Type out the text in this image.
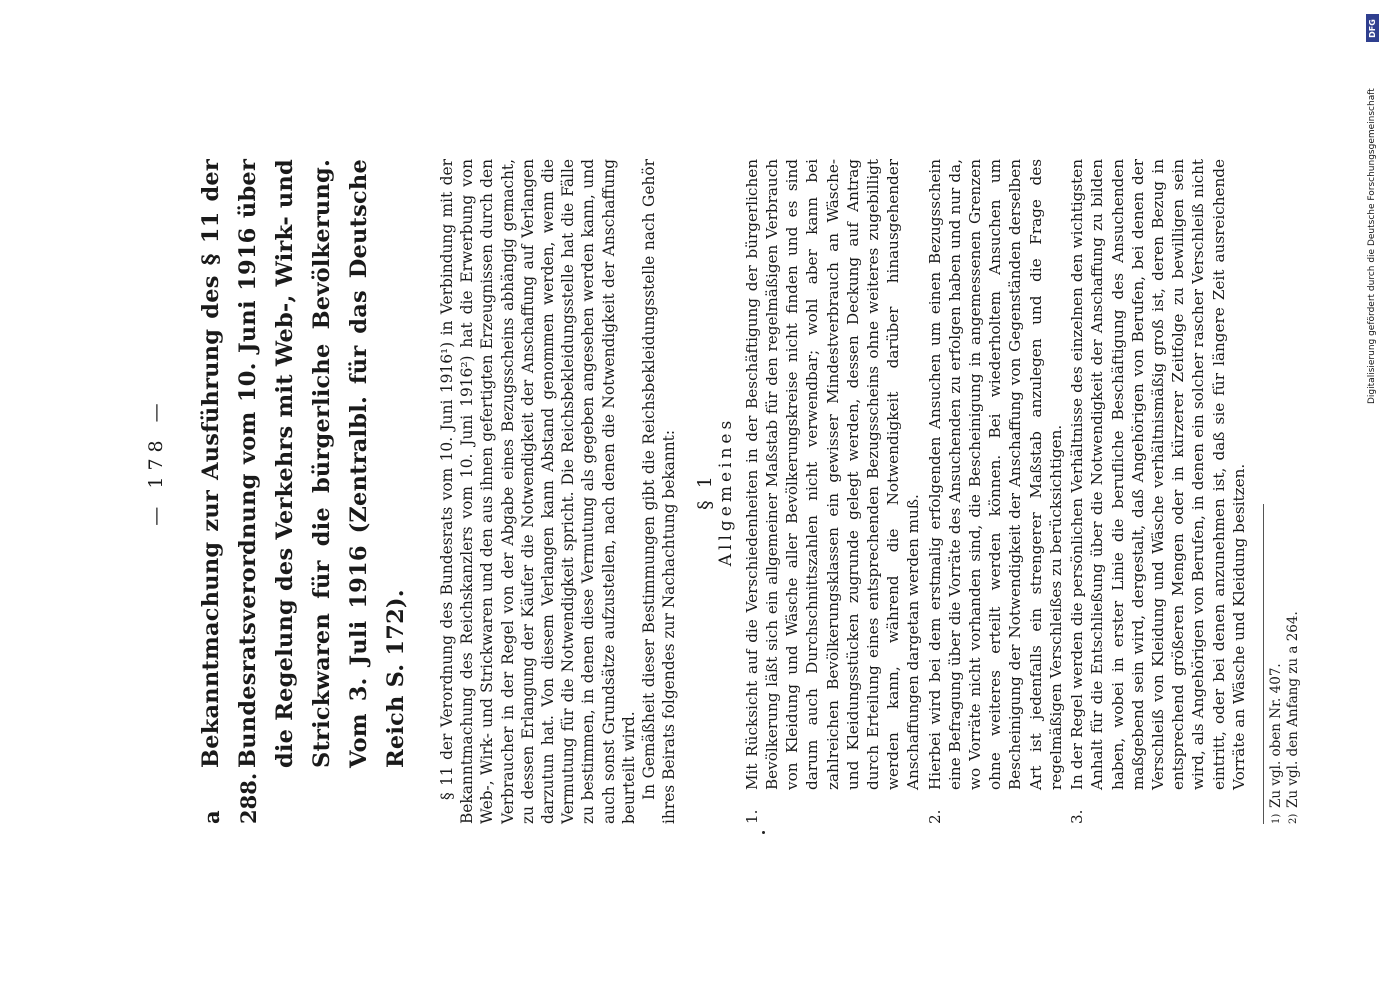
— 178 —
a 288.
Bekanntmachung zur Ausführung des § 11 der Bundesratsverordnung vom 10. Juni 1916 über die Regelung des Verkehrs mit Web-, Wirk- und Strickwaren für die bürgerliche Bevölkerung. Vom 3. Juli 1916 (Zentralbl. für das Deutsche Reich S. 172).	§ 11 der Verordnung des Bundesrats vom 10. Juni 1916¹) in Verbindung mit der Bekanntmachung des Reichskanzlers vom 10. Juni 1916²) hat die Erwerbung von Web-, Wirk- und Strickwaren und den aus ihnen gefertigten Erzeugnissen durch den Verbraucher in der Regel von der Abgabe eines Bezugsscheins abhängig gemacht, zu dessen Erlangung der Käufer die Notwendigkeit der Anschaffung auf Verlangen darzutun hat. Von diesem Verlangen kann Abstand genommen werden, wenn die Vermutung für die Notwendigkeit spricht. Die Reichsbekleidungsstelle hat die Fälle zu bestimmen, in denen diese Vermutung als gegeben angesehen werden kann, und auch sonst Grundsätze aufzustellen, nach denen die Notwendigkeit der Anschaffung beurteilt wird. In Gemäßheit dieser Bestimmungen gibt die Reichsbekleidungsstelle nach Gehör ihres Beirats folgendes zur Nachachtung bekannt: § 1 Allgemeines
1.
Mit Rücksicht auf die Verschiedenheiten in der Beschäftigung der bürgerlichen Bevölkerung läßt sich ein allgemeiner Maßstab für den regelmäßigen Verbrauch von Kleidung und Wäsche aller Bevölkerungskreise nicht finden und es sind darum auch Durchschnittszahlen nicht verwendbar; wohl aber kann bei zahlreichen Bevölkerungsklassen ein gewisser Mindestverbrauch an Wäsche- und Kleidungsstücken zugrunde gelegt werden, dessen Deckung auf Antrag durch Erteilung eines entsprechenden Bezugsscheins ohne weiteres zugebilligt werden kann, während die Notwendigkeit darüber hinausgehender Anschaffungen dargetan werden muß.
2.
Hierbei wird bei dem erstmalig erfolgenden Ansuchen um einen Bezugsschein eine Befragung über die Vorräte des Ansuchenden zu erfolgen haben und nur da, wo Vorräte nicht vorhanden sind, die Bescheinigung in angemessenen Grenzen ohne weiteres erteilt werden können. Bei wiederholtem Ansuchen um Bescheinigung der Notwendigkeit der Anschaffung von Gegenständen derselben Art ist jedenfalls ein strengerer Maßstab anzulegen und die Frage des regelmäßigen Verschleißes zu berücksichtigen.
3.
In der Regel werden die persönlichen Verhältnisse des einzelnen den wichtigsten Anhalt für die Entschließung über die Notwendigkeit der Anschaffung zu bilden haben, wobei in erster Linie die berufliche Beschäftigung des Ansuchenden maßgebend sein wird, dergestalt, daß Angehörigen von Berufen, bei denen der Verschleiß von Kleidung und Wäsche verhältnismäßig groß ist, deren Bezug in entsprechend größeren Mengen oder in kürzerer Zeitfolge zu bewilligen sein wird, als Angehörigen von Berufen, in denen ein solcher rascher Verschleiß nicht eintritt, oder bei denen anzunehmen ist, daß sie für längere Zeit ausreichende Vorräte an Wäsche und Kleidung besitzen.
1)
Zu vgl. oben Nr. 407.
2)
Zu vgl. den Anfang zu a 264.
DFG
Digitalisierung gefördert durch die Deutsche Forschungsgemeinschaft
